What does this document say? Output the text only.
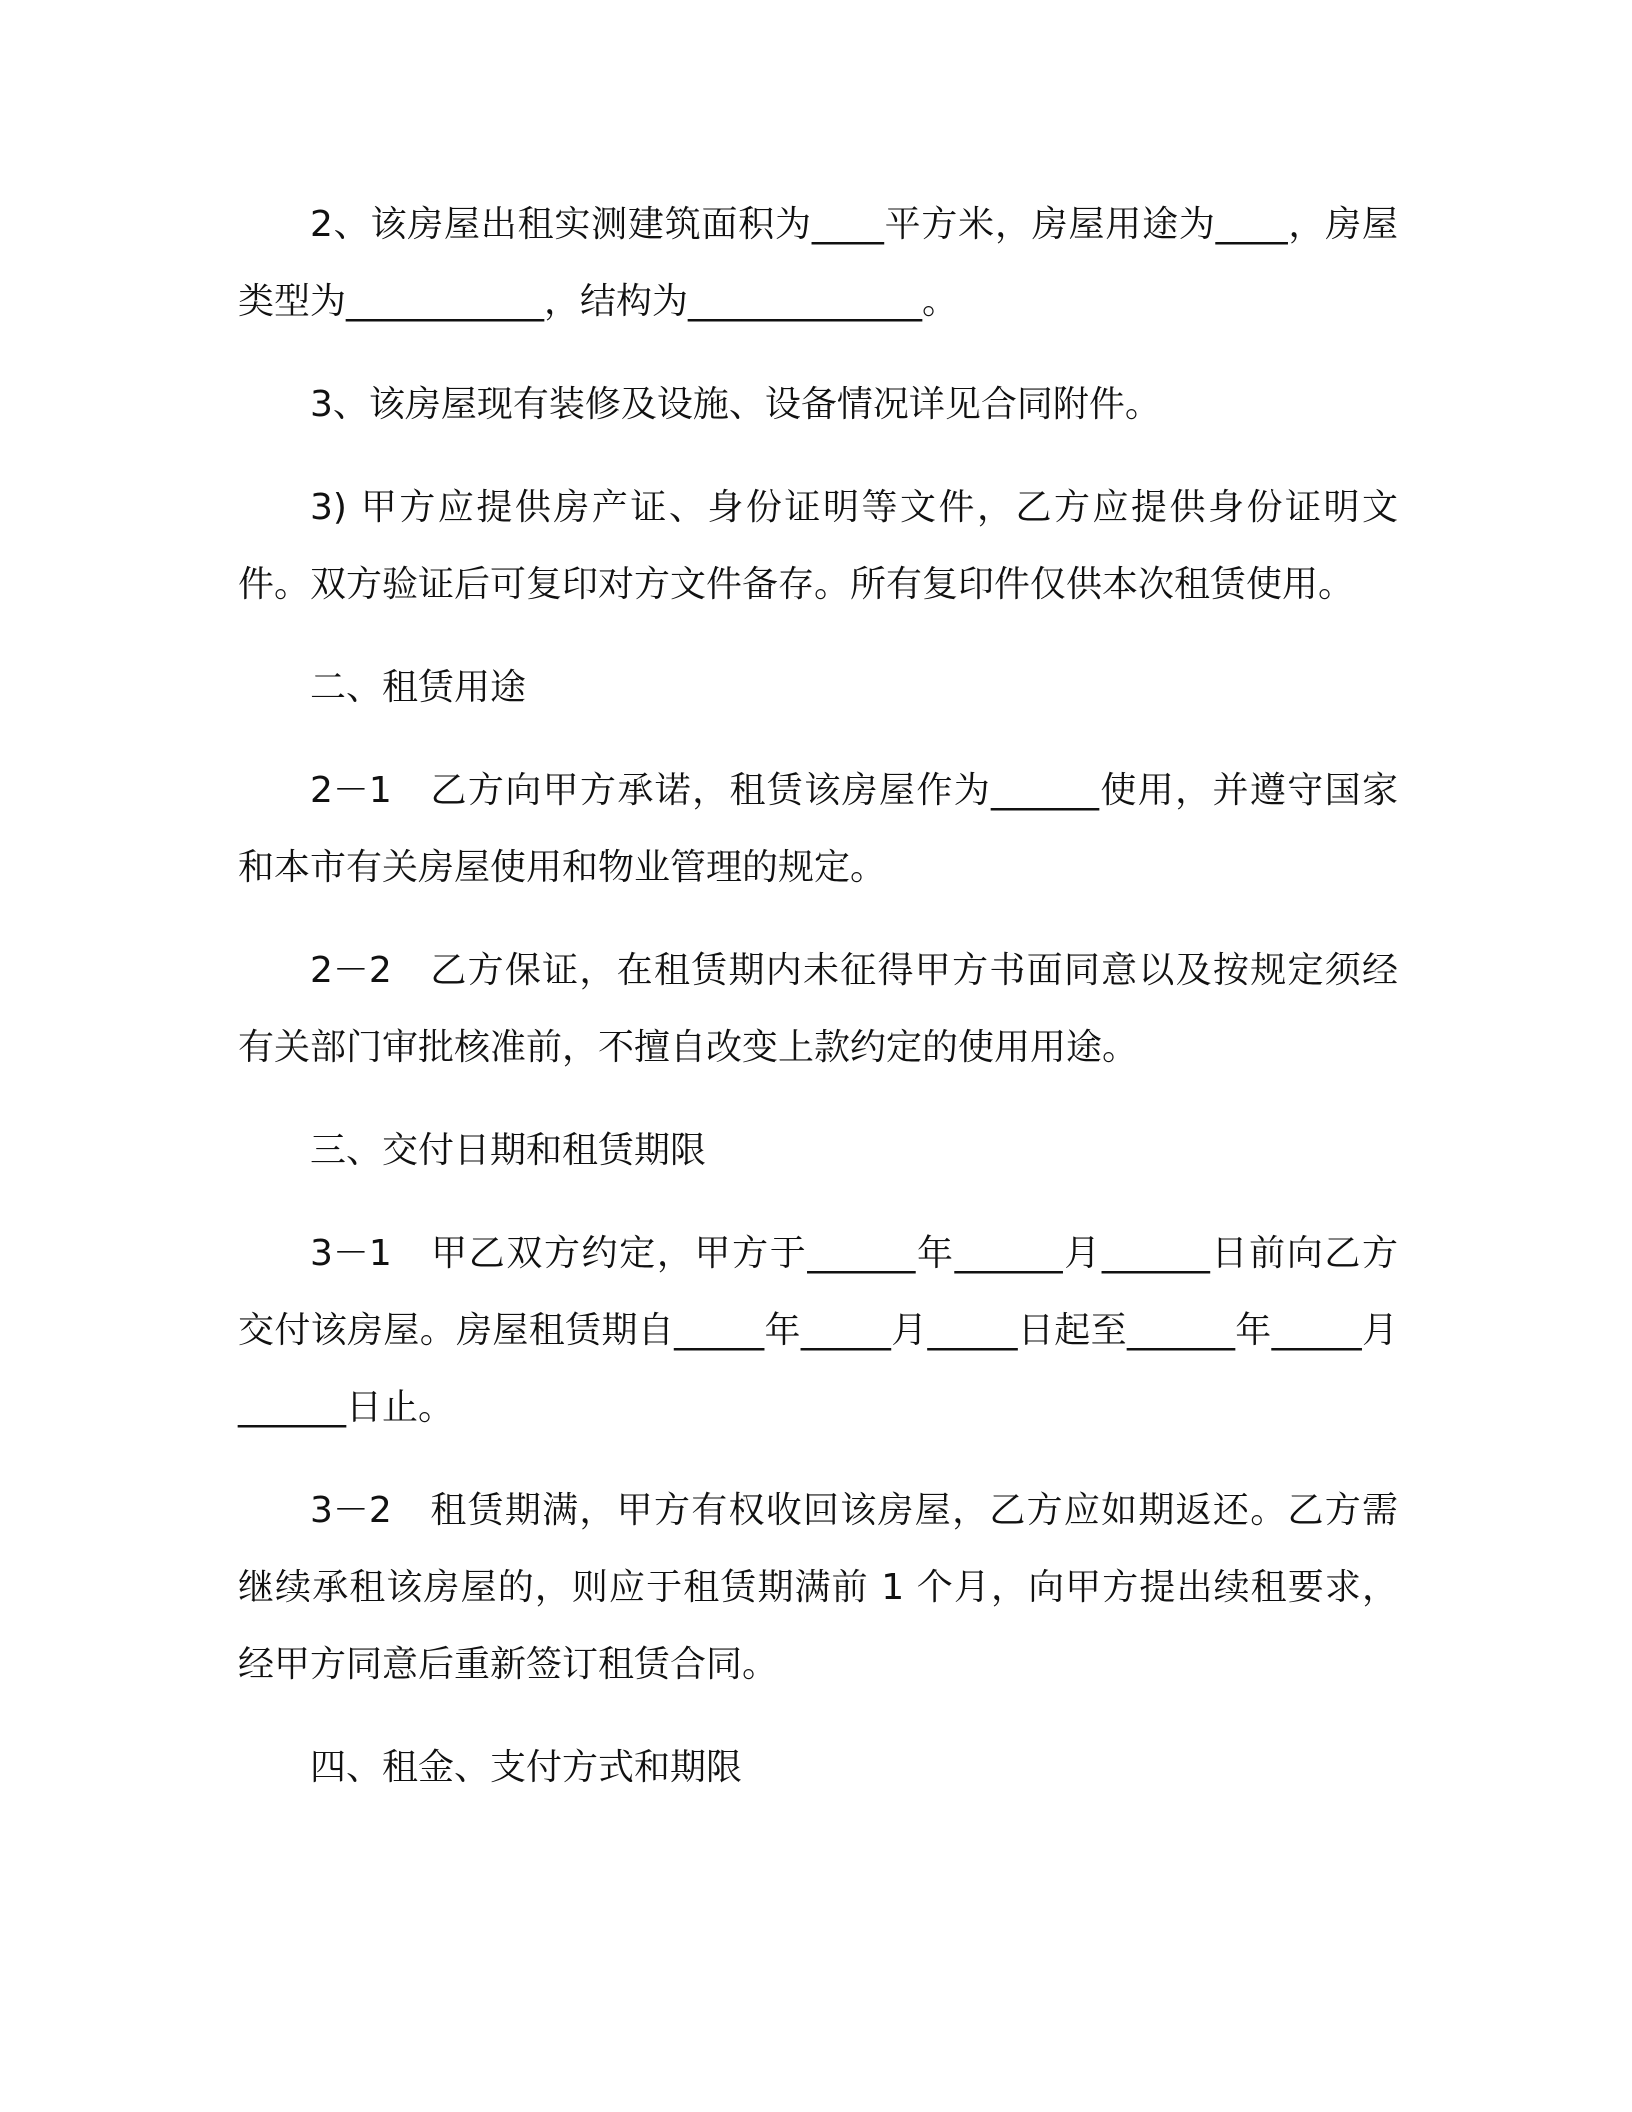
2、该房屋出租实测建筑面积为____平方米，房屋用途为____，房屋类型为___________，结构为_____________。

3、该房屋现有装修及设施、设备情况详见合同附件。

3) 甲方应提供房产证、身份证明等文件，乙方应提供身份证明文件。双方验证后可复印对方文件备存。所有复印件仅供本次租赁使用。

二、租赁用途

2－1　乙方向甲方承诺，租赁该房屋作为______使用，并遵守国家和本市有关房屋使用和物业管理的规定。

2－2　乙方保证，在租赁期内未征得甲方书面同意以及按规定须经有关部门审批核准前，不擅自改变上款约定的使用用途。

三、交付日期和租赁期限

3－1　甲乙双方约定，甲方于______年______月______日前向乙方交付该房屋。房屋租赁期自_____年_____月_____日起至______年_____月______日止。

3－2　租赁期满，甲方有权收回该房屋，乙方应如期返还。乙方需继续承租该房屋的，则应于租赁期满前 1 个月，向甲方提出续租要求，经甲方同意后重新签订租赁合同。

四、租金、支付方式和期限
